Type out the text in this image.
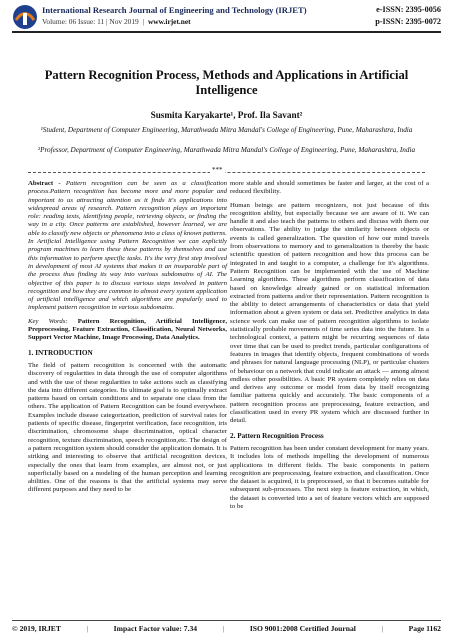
International Research Journal of Engineering and Technology (IRJET)
Volume: 06 Issue: 11 | Nov 2019 | www.irjet.net
e-ISSN: 2395-0056
p-ISSN: 2395-0072
Pattern Recognition Process, Methods and Applications in Artificial Intelligence
Susmita Karyakarte¹, Prof. Ila Savant²
¹Student, Department of Computer Engineering, Marathwada Mitra Mandal's College of Engineering, Pune, Maharashtra, India
²Professor, Department of Computer Engineering, Marathwada Mitra Mandal's College of Engineering, Pune, Maharashtra, India
***

Abstract - Pattern recognition can be seen as a classification process.Pattern recognition has become more and more popular and important to us attracting attention as it finds it's applications into widespread areas of research. Pattern recognition plays an important role: reading texts, identifying people, retrieving objects, or finding the way in a city. Once patterns are established, however learned, we are able to classify new objects or phenomena into a class of known patterns. In Artificial Intelligence using Pattern Recognition we can explicitly program machines to learn these these patterns by themselves and use this information to perform specific tasks. It's the very first step involved in development of most AI systems that makes it an inseparable part of the process thus finding its way into various subdomains of AI. The objective of this paper is to discuss various steps involved in pattern recognition and how they are common to almost every system application of artificial intelligence and which algorithms are popularly used to implement pattern recognition in various subdomains.

Key Words: Pattern Recognition, Artificial Intelligence, Preprocessing, Feature Extraction, Classification, Neural Networks, Support Vector Machine, Image Processing, Data Analytics.

1. INTRODUCTION

The field of pattern recognition is concerned with the automatic discovery of regularities in data through the use of computer algorithms and with the use of these regularities to take actions such as classifying the data into different categories. Its ultimate goal is to optimally extract patterns based on certain conditions and to separate one class from the others. The application of Pattern Recognition can be found everywhere. Examples include disease categorization, prediction of survival rates for patients of specific disease, fingerprint verification, face recognition, iris discrimination, chromosome shape discrimination, optical character recognition, texture discrimination, speech recognition,etc. The design of a pattern recognition system should consider the application domain. It is striking and interesting to observe that artificial recognition devices, especially the ones that learn from examples, are almost not, or just superficially based on a modeling of the human perception and learning abilities. One of the reasons is that the artificial systems may serve different purposes and they need to be

more stable and should sometimes be faster and larger, at the cost of a reduced flexibility.

Human beings are pattern recognizers, not just because of this recognition ability, but especially because we are aware of it. We can handle it and also teach the patterns to others and discuss with them our observations. The ability to judge the similarity between objects or events is called generalization. The question of how our mind travels from observations to memory and to generalization is thereby the basic scientific question of pattern recognition and how this process can be integrated in and taught to a computer, a challenge for it's algorithms. Pattern Recognition can be implemented with the use of Machine Learning algorithms. These algorithms perform classification of data based on knowledge already gained or on statistical information extracted from patterns and/or their representation. Pattern recognition is the ability to detect arrangements of characteristics or data that yield information about a given system or data set. Predictive analytics in data science work can make use of pattern recognition algorithms to isolate statistically probable movements of time series data into the future. In a technological context, a pattern might be recurring sequences of data over time that can be used to predict trends, particular configurations of features in images that identify objects, frequent combinations of words and phrases for natural language processing (NLP), or particular clusters of behaviour on a network that could indicate an attack — among almost endless other possibilities. A basic PR system completely relies on data and derives any outcome or model from data by itself recognizing familiar patterns quickly and accurately. The basic components of a pattern recognition process are preprocessing, feature extraction, and classification used in every PR system which are discussed further in detail.

2. Pattern Recognition Process

Pattern recognition has been under constant development for many years. It includes lots of methods impelling the development of numerous applications in different fields. The basic components in pattern recognition are preprocessing, feature extraction, and classification. Once the dataset is acquired, it is preprocessed, so that it becomes suitable for subsequent sub-processes. The next step is feature extraction, in which, the dataset is converted into a set of feature vectors which are supposed to be

© 2019, IRJET	|	Impact Factor value: 7.34	|	ISO 9001:2008 Certified Journal	|	Page 1162
